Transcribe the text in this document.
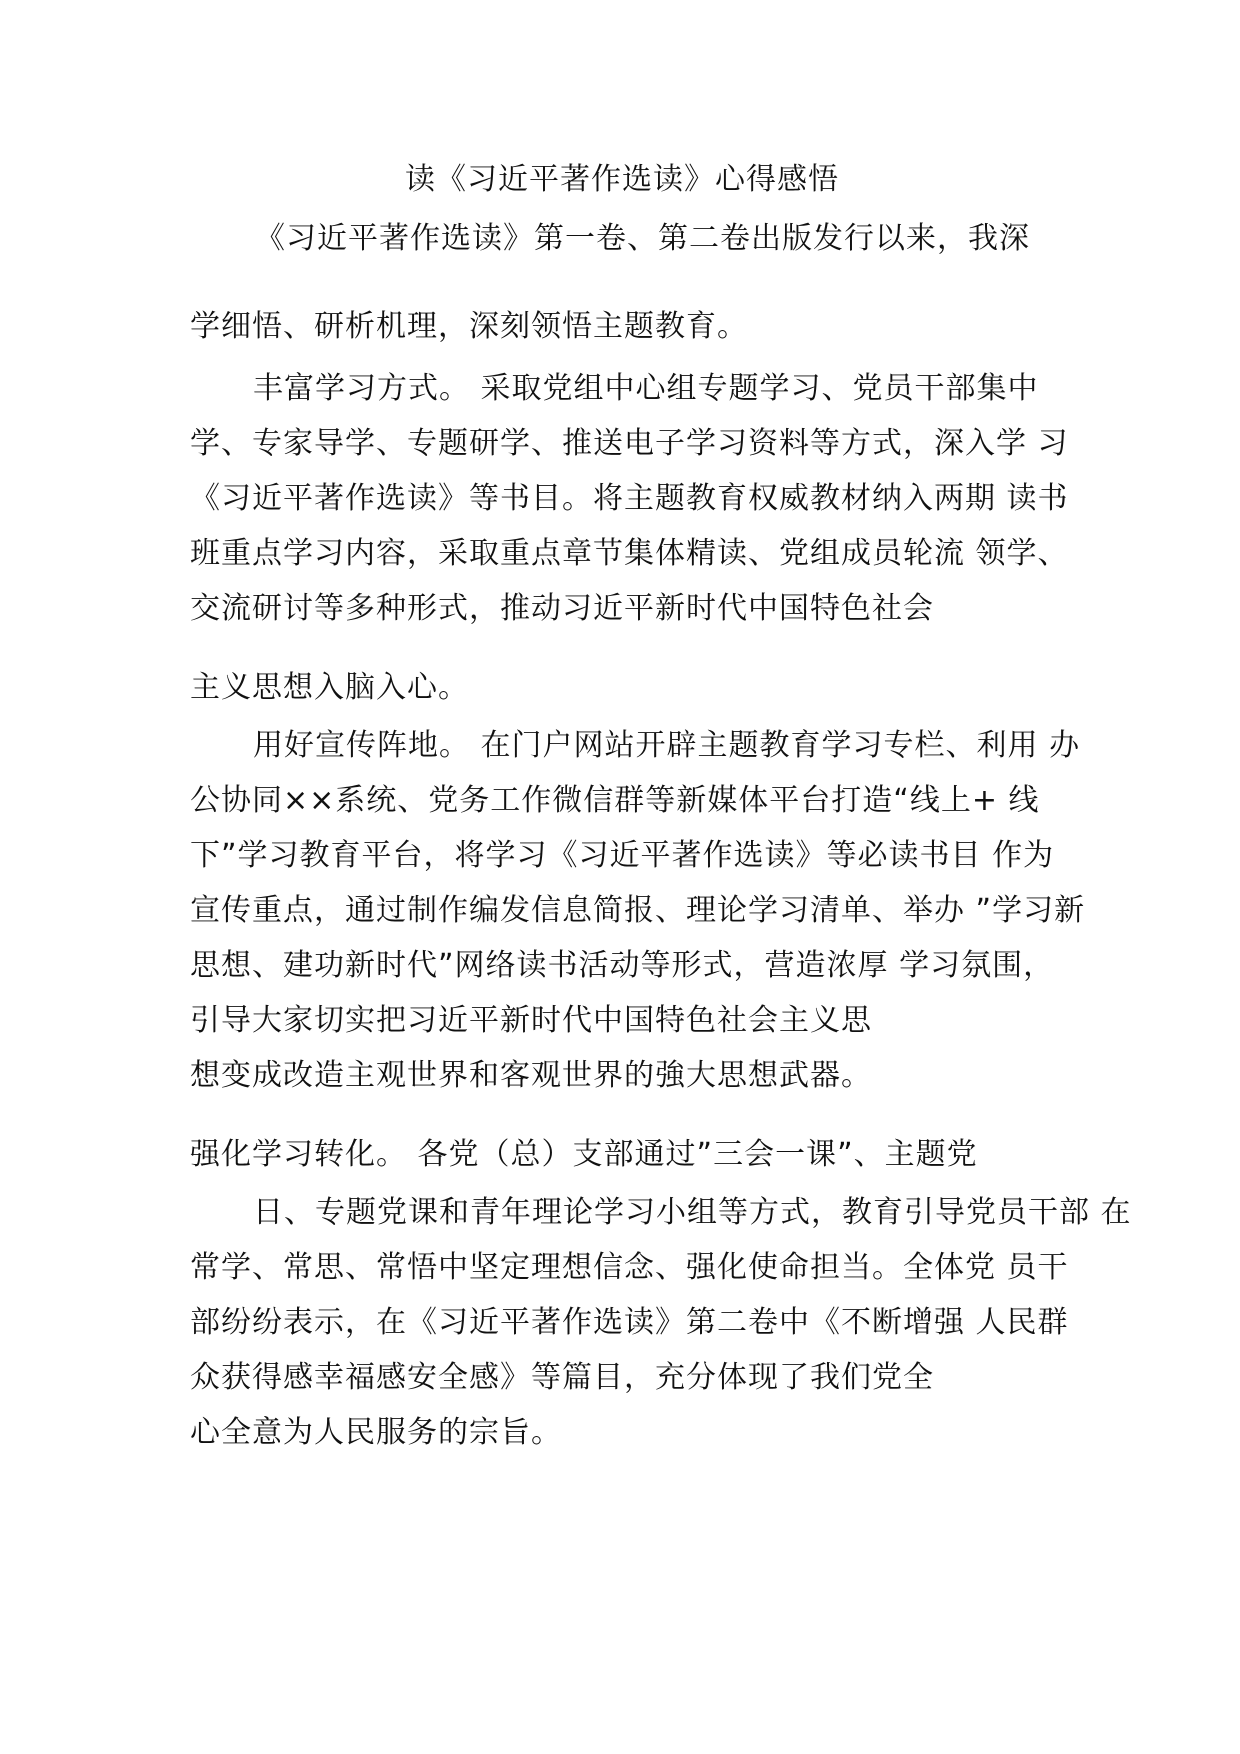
读《习近平著作选读》心得感悟
《习近平著作选读》第一卷、第二卷出版发行以来，我深
学细悟、研析机理，深刻领悟主题教育。
丰富学习方式。 采取党组中心组专题学习、党员干部集中
学、专家导学、专题研学、推送电子学习资料等方式，深入学 习
《习近平著作选读》等书目。将主题教育权威教材纳入两期 读书
班重点学习内容，采取重点章节集体精读、党组成员轮流 领学、
交流研讨等多种形式，推动习近平新时代中国特色社会
主义思想入脑入心。
用好宣传阵地。 在门户网站开辟主题教育学习专栏、利用 办
公协同××系统、党务工作微信群等新媒体平台打造“线上+ 线
下”学习教育平台，将学习《习近平著作选读》等必读书目 作为
宣传重点，通过制作编发信息简报、理论学习清单、举办 ”学习新
思想、建功新时代”网络读书活动等形式，营造浓厚 学习氛围，
引导大家切实把习近平新时代中国特色社会主义思
想变成改造主观世界和客观世界的強大思想武器。
强化学习转化。 各党（总）支部通过”三会一课”、主题党
日、专题党课和青年理论学习小组等方式，教育引导党员干部 在
常学、常思、常悟中坚定理想信念、强化使命担当。全体党 员干
部纷纷表示，在《习近平著作选读》第二卷中《不断增强 人民群
众获得感幸福感安全感》等篇目，充分体现了我们党全
心全意为人民服务的宗旨。
